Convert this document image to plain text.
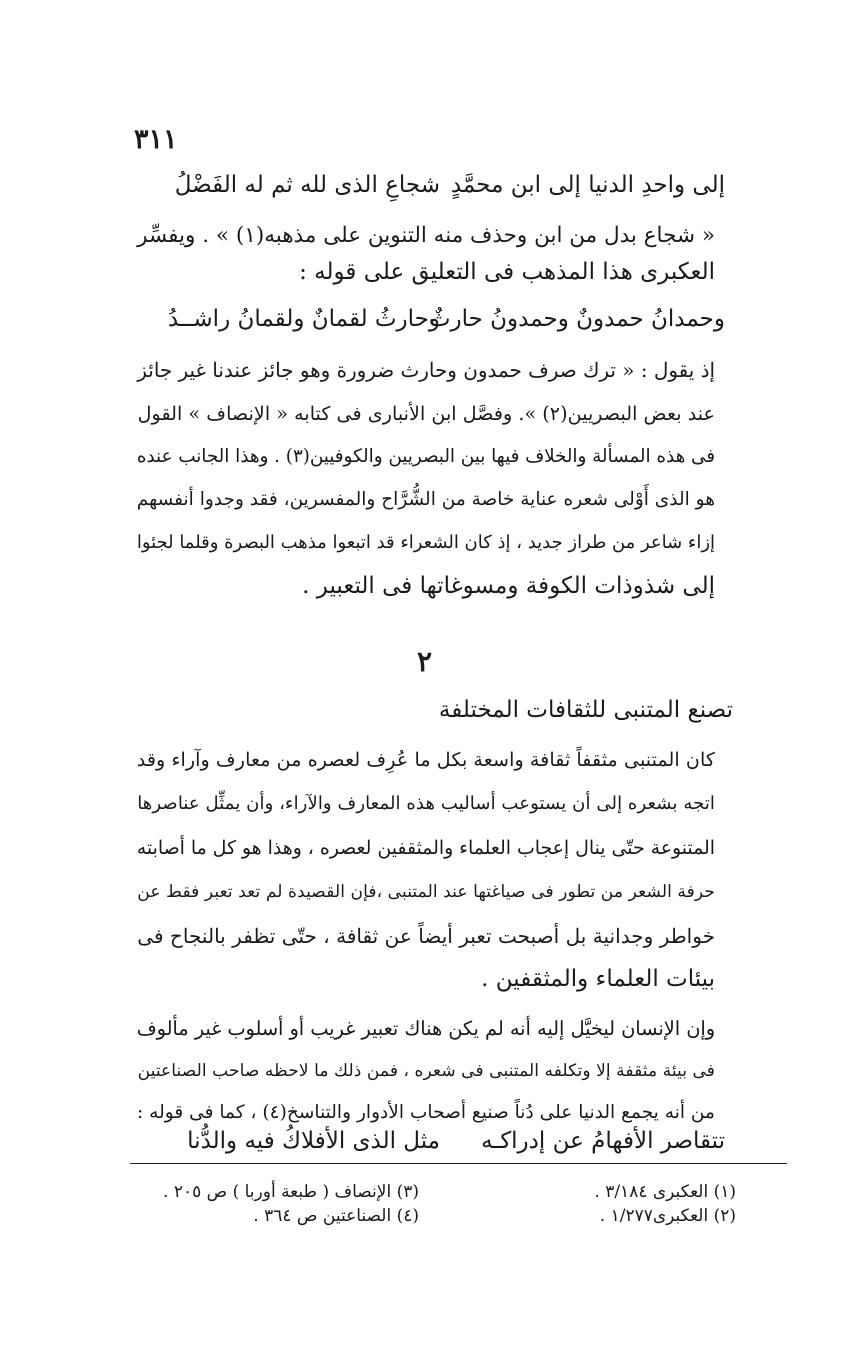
٣١١
إلى واحدِ الدنيا إلى ابن محمَّدٍ
شجاعِ الذى لله ثم له الفَضْلُ
« شجاع بدل من ابن وحذف منه التنوين على مذهبه(١) » . ويفسِّر
العكبرى هذا المذهب فى التعليق على قوله :
وحمدانُ حمدونٌ وحمدونُ حارثٌ
وحارثُ لقمانٌ ولقمانُ راشــدُ
إذ يقول : « ترك صرف حمدون وحارث ضرورة وهو جائز عندنا غير جائز
عند بعض البصريين(٢) ». وفصَّل ابن الأنبارى فى كتابه « الإنصاف » القول
فى هذه المسألة والخلاف فيها بين البصريين والكوفيين(٣) . وهذا الجانب عنده
هو الذى أَوْلى شعره عناية خاصة من الشُّرَّاح والمفسرين، فقد وجدوا أنفسهم
إزاء شاعر من طراز جديد ، إذ كان الشعراء قد اتبعوا مذهب البصرة وقلما لجئوا
إلى شذوذات الكوفة ومسوغاتها فى التعبير .
٢
تصنع المتنبى للثقافات المختلفة
كان المتنبى مثقفاً ثقافة واسعة بكل ما عُرِف لعصره من معارف وآراء وقد
اتجه بشعره إلى أن يستوعب أساليب هذه المعارف والآراء، وأن يمثِّل عناصرها
المتنوعة حتّى ينال إعجاب العلماء والمثقفين لعصره ، وهذا هو كل ما أصابته
حرفة الشعر من تطور فى صياغتها عند المتنبى ،فإن القصيدة لم تعد تعبر فقط عن
خواطر وجدانية بل أصبحت تعبر أيضاً عن ثقافة ، حتّى تظفر بالنجاح فى
بيئات العلماء والمثقفين .
وإن الإنسان ليخيَّل إليه أنه لم يكن هناك تعبير غريب أو أسلوب غير مألوف
فى بيئة مثقفة إلا وتكلفه المتنبى فى شعره ، فمن ذلك ما لاحظه صاحب الصناعتين
من أنه يجمع الدنيا على دُناً صنيع أصحاب الأدوار والتناسخ(٤) ، كما فى قوله :
تتقاصر الأفهامُ عن إدراكـه
مثل الذى الأفلاكُ فيه والدُّنا
(١) العكبرى ٣/١٨٤ .
(٢) العكبرى١/٢٧٧ .
(٣) الإنصاف ( طبعة أوربا ) ص ٢٠٥ .
(٤) الصناعتين ص ٣٦٤ .
